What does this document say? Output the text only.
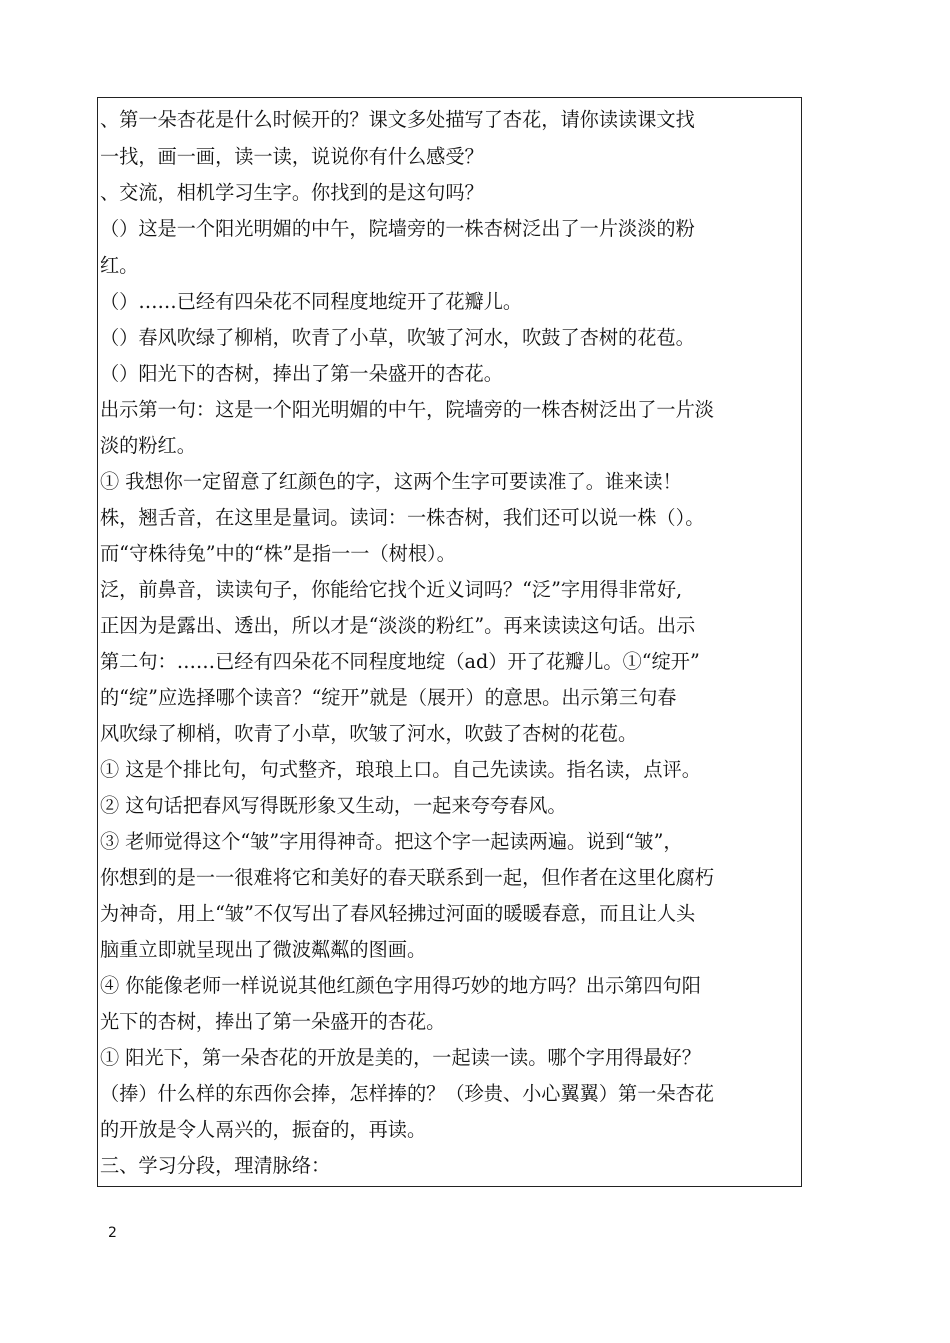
、第一朵杏花是什么时候开的？课文多处描写了杏花，请你读读课文找
一找，画一画，读一读，说说你有什么感受？
、交流，相机学习生字。你找到的是这句吗？
（）这是一个阳光明媚的中午，院墙旁的一株杏树泛出了一片淡淡的粉
红。
（）……已经有四朵花不同程度地绽开了花瓣儿。
（）春风吹绿了柳梢，吹青了小草，吹皱了河水，吹鼓了杏树的花苞。
（）阳光下的杏树，捧出了第一朵盛开的杏花。
出示第一句：这是一个阳光明媚的中午，院墙旁的一株杏树泛出了一片淡
淡的粉红。
① 我想你一定留意了红颜色的字，这两个生字可要读准了。谁来读！
株，翘舌音，在这里是量词。读词：一株杏树，我们还可以说一株（）。
而“守株待兔”中的“株”是指一一（树根）。
泛，前鼻音，读读句子，你能给它找个近义词吗？“泛”字用得非常好,
正因为是露出、透出，所以才是“淡淡的粉红”。再来读读这句话。出示
第二句：……已经有四朵花不同程度地绽（ad）开了花瓣儿。①“绽开”
的“绽”应选择哪个读音？“绽开”就是（展开）的意思。出示第三句春
风吹绿了柳梢，吹青了小草，吹皱了河水，吹鼓了杏树的花苞。
① 这是个排比句，句式整齐，琅琅上口。自己先读读。指名读，点评。
② 这句话把春风写得既形象又生动，一起来夸夸春风。
③ 老师觉得这个“皱”字用得神奇。把这个字一起读两遍。说到“皱”，
你想到的是一一很难将它和美好的春天联系到一起，但作者在这里化腐朽
为神奇，用上“皱”不仅写出了春风轻拂过河面的暖暖春意，而且让人头
脑重立即就呈现出了微波粼粼的图画。
④ 你能像老师一样说说其他红颜色字用得巧妙的地方吗？出示第四句阳
光下的杏树，捧出了第一朵盛开的杏花。
① 阳光下，第一朵杏花的开放是美的，一起读一读。哪个字用得最好？
（捧）什么样的东西你会捧，怎样捧的？（珍贵、小心翼翼）第一朵杏花
的开放是令人鬲兴的，振奋的，再读。
三、学习分段，理清脉络：
2
